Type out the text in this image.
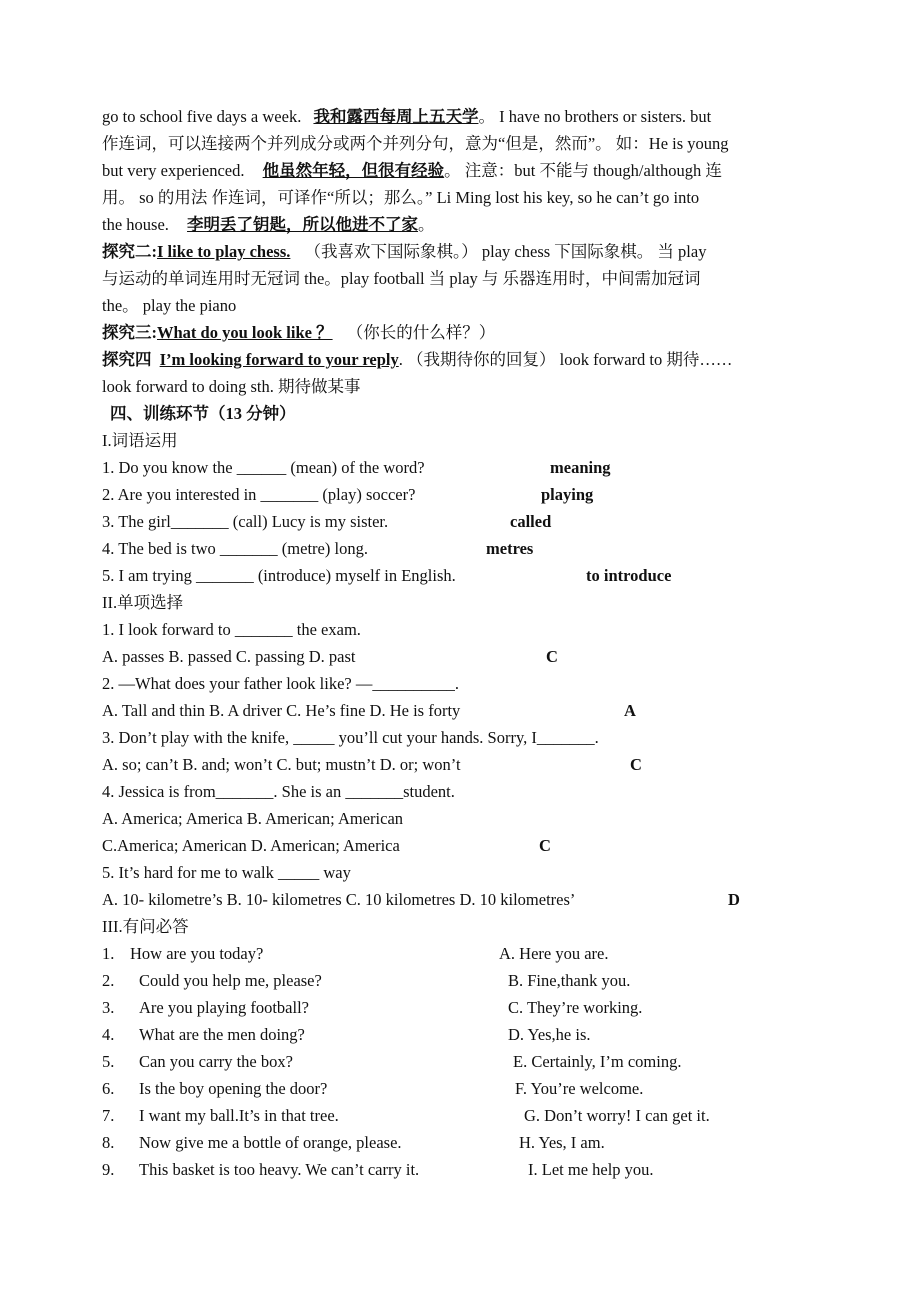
go to school five days a week. 我和露西每周上五天学。 I have no brothers or sisters. but
作连词，可以连接两个并列成分或两个并列分句，意为“但是，然而”。 如：He is young
but very experienced. 他虽然年轻，但很有经验。 注意：but 不能与 though/although 连
用。 so 的用法 作连词，可译作“所以；那么。” Li Ming lost his key, so he can’t go into
the house. 李明丢了钥匙，所以他进不了家。
探究二:I like to play chess. （我喜欢下国际象棋。） play chess 下国际象棋。 当 play
与运动的单词连用时无冠词 the。play football 当 play 与 乐器连用时，中间需加冠词
the。 play the piano
探究三:What do you look like ？ （你长的什么样？）
探究四 I’m looking forward to your reply. （我期待你的回复） look forward to 期待……
look forward to doing sth. 期待做某事
四、训练环节（13 分钟）
I.词语运用
1. Do you know the ______ (mean) of the word?	meaning
2. Are you interested in _______ (play) soccer?	playing
3. The girl_______ (call) Lucy is my sister.	called
4. The bed is two _______ (metre) long.	metres
5. I am trying _______ (introduce) myself in English.	to introduce
II.单项选择
1. I look forward to _______ the exam.
A. passes B. passed C. passing D. past	C
2. —What does your father look like? —__________.
A. Tall and thin B. A driver C. He’s fine D. He is forty	A
3. Don’t play with the knife, _____ you’ll cut your hands. Sorry, I_______.
A. so; can’t B. and; won’t C. but; mustn’t D. or; won’t	C
4. Jessica is from_______. She is an _______student.
A. America; America B. American; American
C.America; American D. American; America	C
5. It’s hard for me to walk _____ way
A. 10- kilometre’s B. 10- kilometres C. 10 kilometres D. 10 kilometres’	D
III.有问必答
1. How are you today?	A. Here you are.
2. Could you help me, please?	B. Fine,thank you.
3. Are you playing football?	C. They’re working.
4. What are the men doing?	D. Yes,he is.
5. Can you carry the box?	E. Certainly, I’m coming.
6. Is the boy opening the door?	F. You’re welcome.
7. I want my ball.It’s in that tree.	G. Don’t worry! I can get it.
8. Now give me a bottle of orange, please.	H. Yes, I am.
9. This basket is too heavy. We can’t carry it.	I. Let me help you.
